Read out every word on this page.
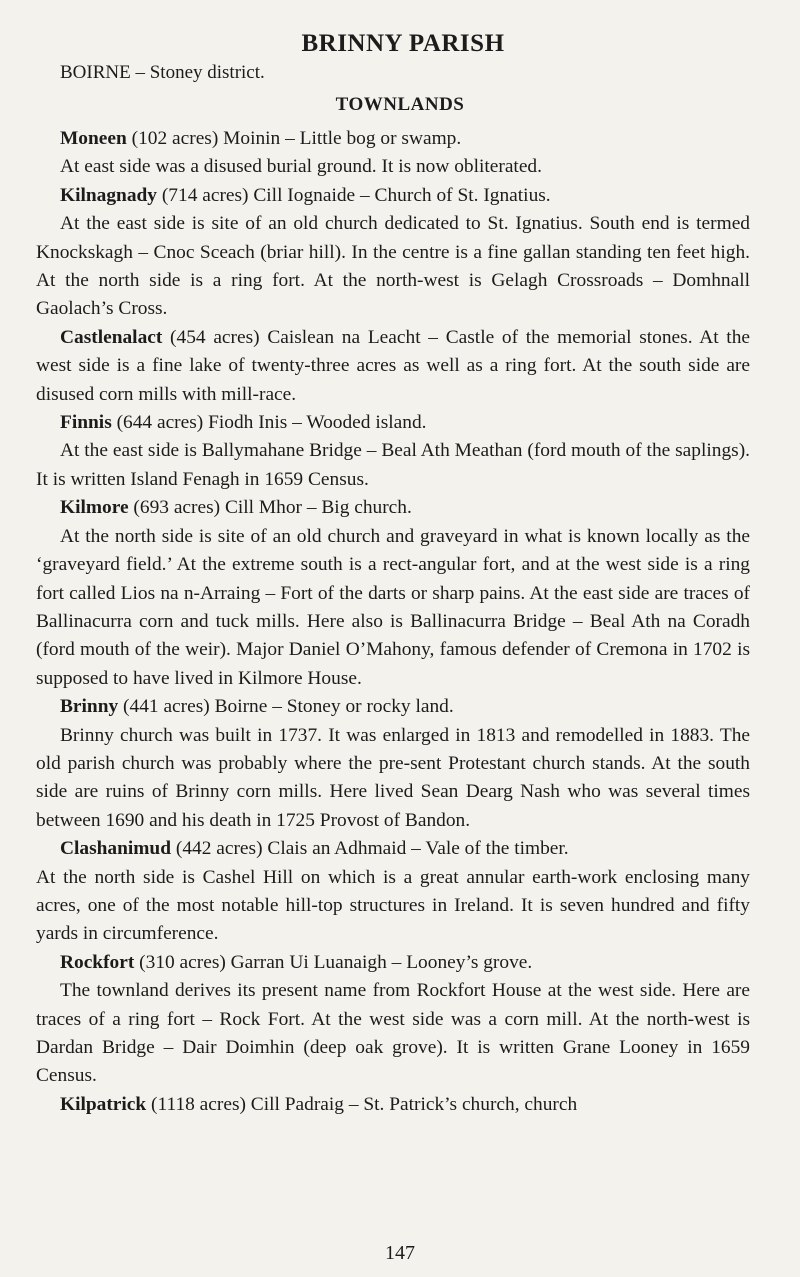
BRINNY PARISH

BOIRNE – Stoney district.

TOWNLANDS

Moneen (102 acres) Moinin – Little bog or swamp.

At east side was a disused burial ground. It is now obliterated.

Kilnagnady (714 acres) Cill Iognaide – Church of St. Ignatius.

At the east side is site of an old church dedicated to St. Ignatius. South end is termed Knockskagh – Cnoc Sceach (briar hill). In the centre is a fine gallan standing ten feet high. At the north side is a ring fort. At the north-west is Gelagh Crossroads – Domhnall Gaolach’s Cross.

Castlenalact (454 acres) Caislean na Leacht – Castle of the memorial stones. At the west side is a fine lake of twenty-three acres as well as a ring fort. At the south side are disused corn mills with mill-race.

Finnis (644 acres) Fiodh Inis – Wooded island.

At the east side is Ballymahane Bridge – Beal Ath Meathan (ford mouth of the saplings). It is written Island Fenagh in 1659 Census.

Kilmore (693 acres) Cill Mhor – Big church.

At the north side is site of an old church and graveyard in what is known locally as the ‘graveyard field.’ At the extreme south is a rect-angular fort, and at the west side is a ring fort called Lios na n-Arraing – Fort of the darts or sharp pains. At the east side are traces of Ballinacurra corn and tuck mills. Here also is Ballinacurra Bridge – Beal Ath na Coradh (ford mouth of the weir). Major Daniel O’Mahony, famous defender of Cremona in 1702 is supposed to have lived in Kilmore House.

Brinny (441 acres) Boirne – Stoney or rocky land.

Brinny church was built in 1737. It was enlarged in 1813 and remodelled in 1883. The old parish church was probably where the pre-sent Protestant church stands. At the south side are ruins of Brinny corn mills. Here lived Sean Dearg Nash who was several times between 1690 and his death in 1725 Provost of Bandon.

Clashanimud (442 acres) Clais an Adhmaid – Vale of the timber.

At the north side is Cashel Hill on which is a great annular earth-work enclosing many acres, one of the most notable hill-top structures in Ireland. It is seven hundred and fifty yards in circumference.

Rockfort (310 acres) Garran Ui Luanaigh – Looney’s grove.

The townland derives its present name from Rockfort House at the west side. Here are traces of a ring fort – Rock Fort. At the west side was a corn mill. At the north-west is Dardan Bridge – Dair Doimhin (deep oak grove). It is written Grane Looney in 1659 Census.

Kilpatrick (1118 acres) Cill Padraig – St. Patrick’s church, church

147
